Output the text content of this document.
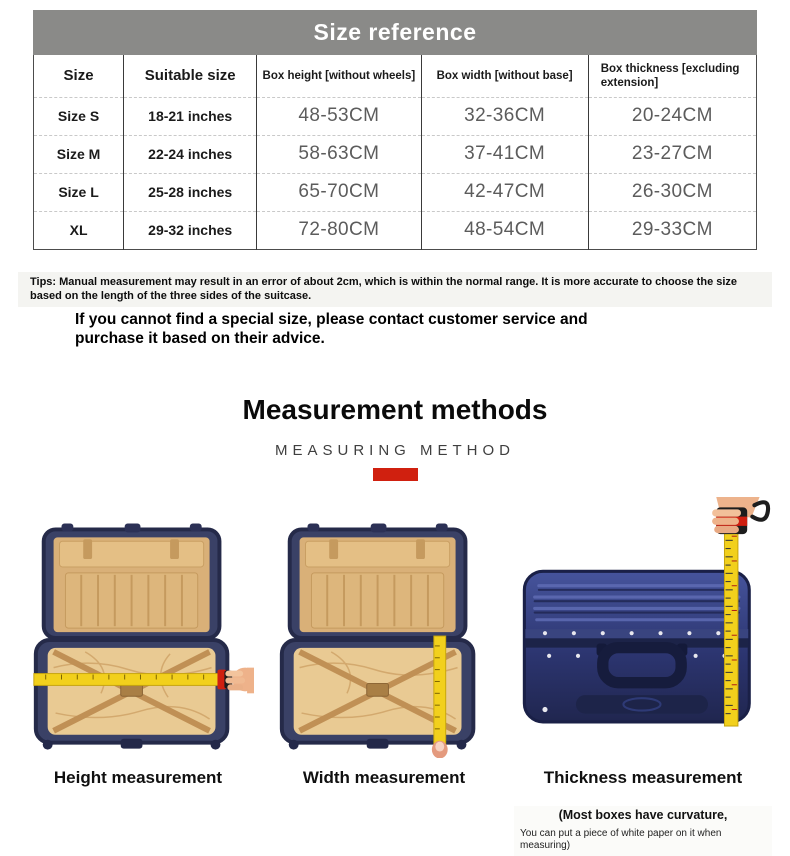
Size reference
Size	Suitable size	Box height [without wheels]	Box width [without base]	Box thickness [excluding extension]
Size S	18-21 inches	48-53CM	32-36CM	20-24CM
Size M	22-24 inches	58-63CM	37-41CM	23-27CM
Size L	25-28 inches	65-70CM	42-47CM	26-30CM
XL	29-32 inches	72-80CM	48-54CM	29-33CM

Tips: Manual measurement may result in an error of about 2cm, which is within the normal range. It is more accurate to choose the size based on the length of the three sides of the suitcase.

If you cannot find a special size, please contact customer service and purchase it based on their advice.

Measurement methods
MEASURING METHOD
Height measurement	Width measurement	Thickness measurement
(Most boxes have curvature,
You can put a piece of white paper on it when measuring)
